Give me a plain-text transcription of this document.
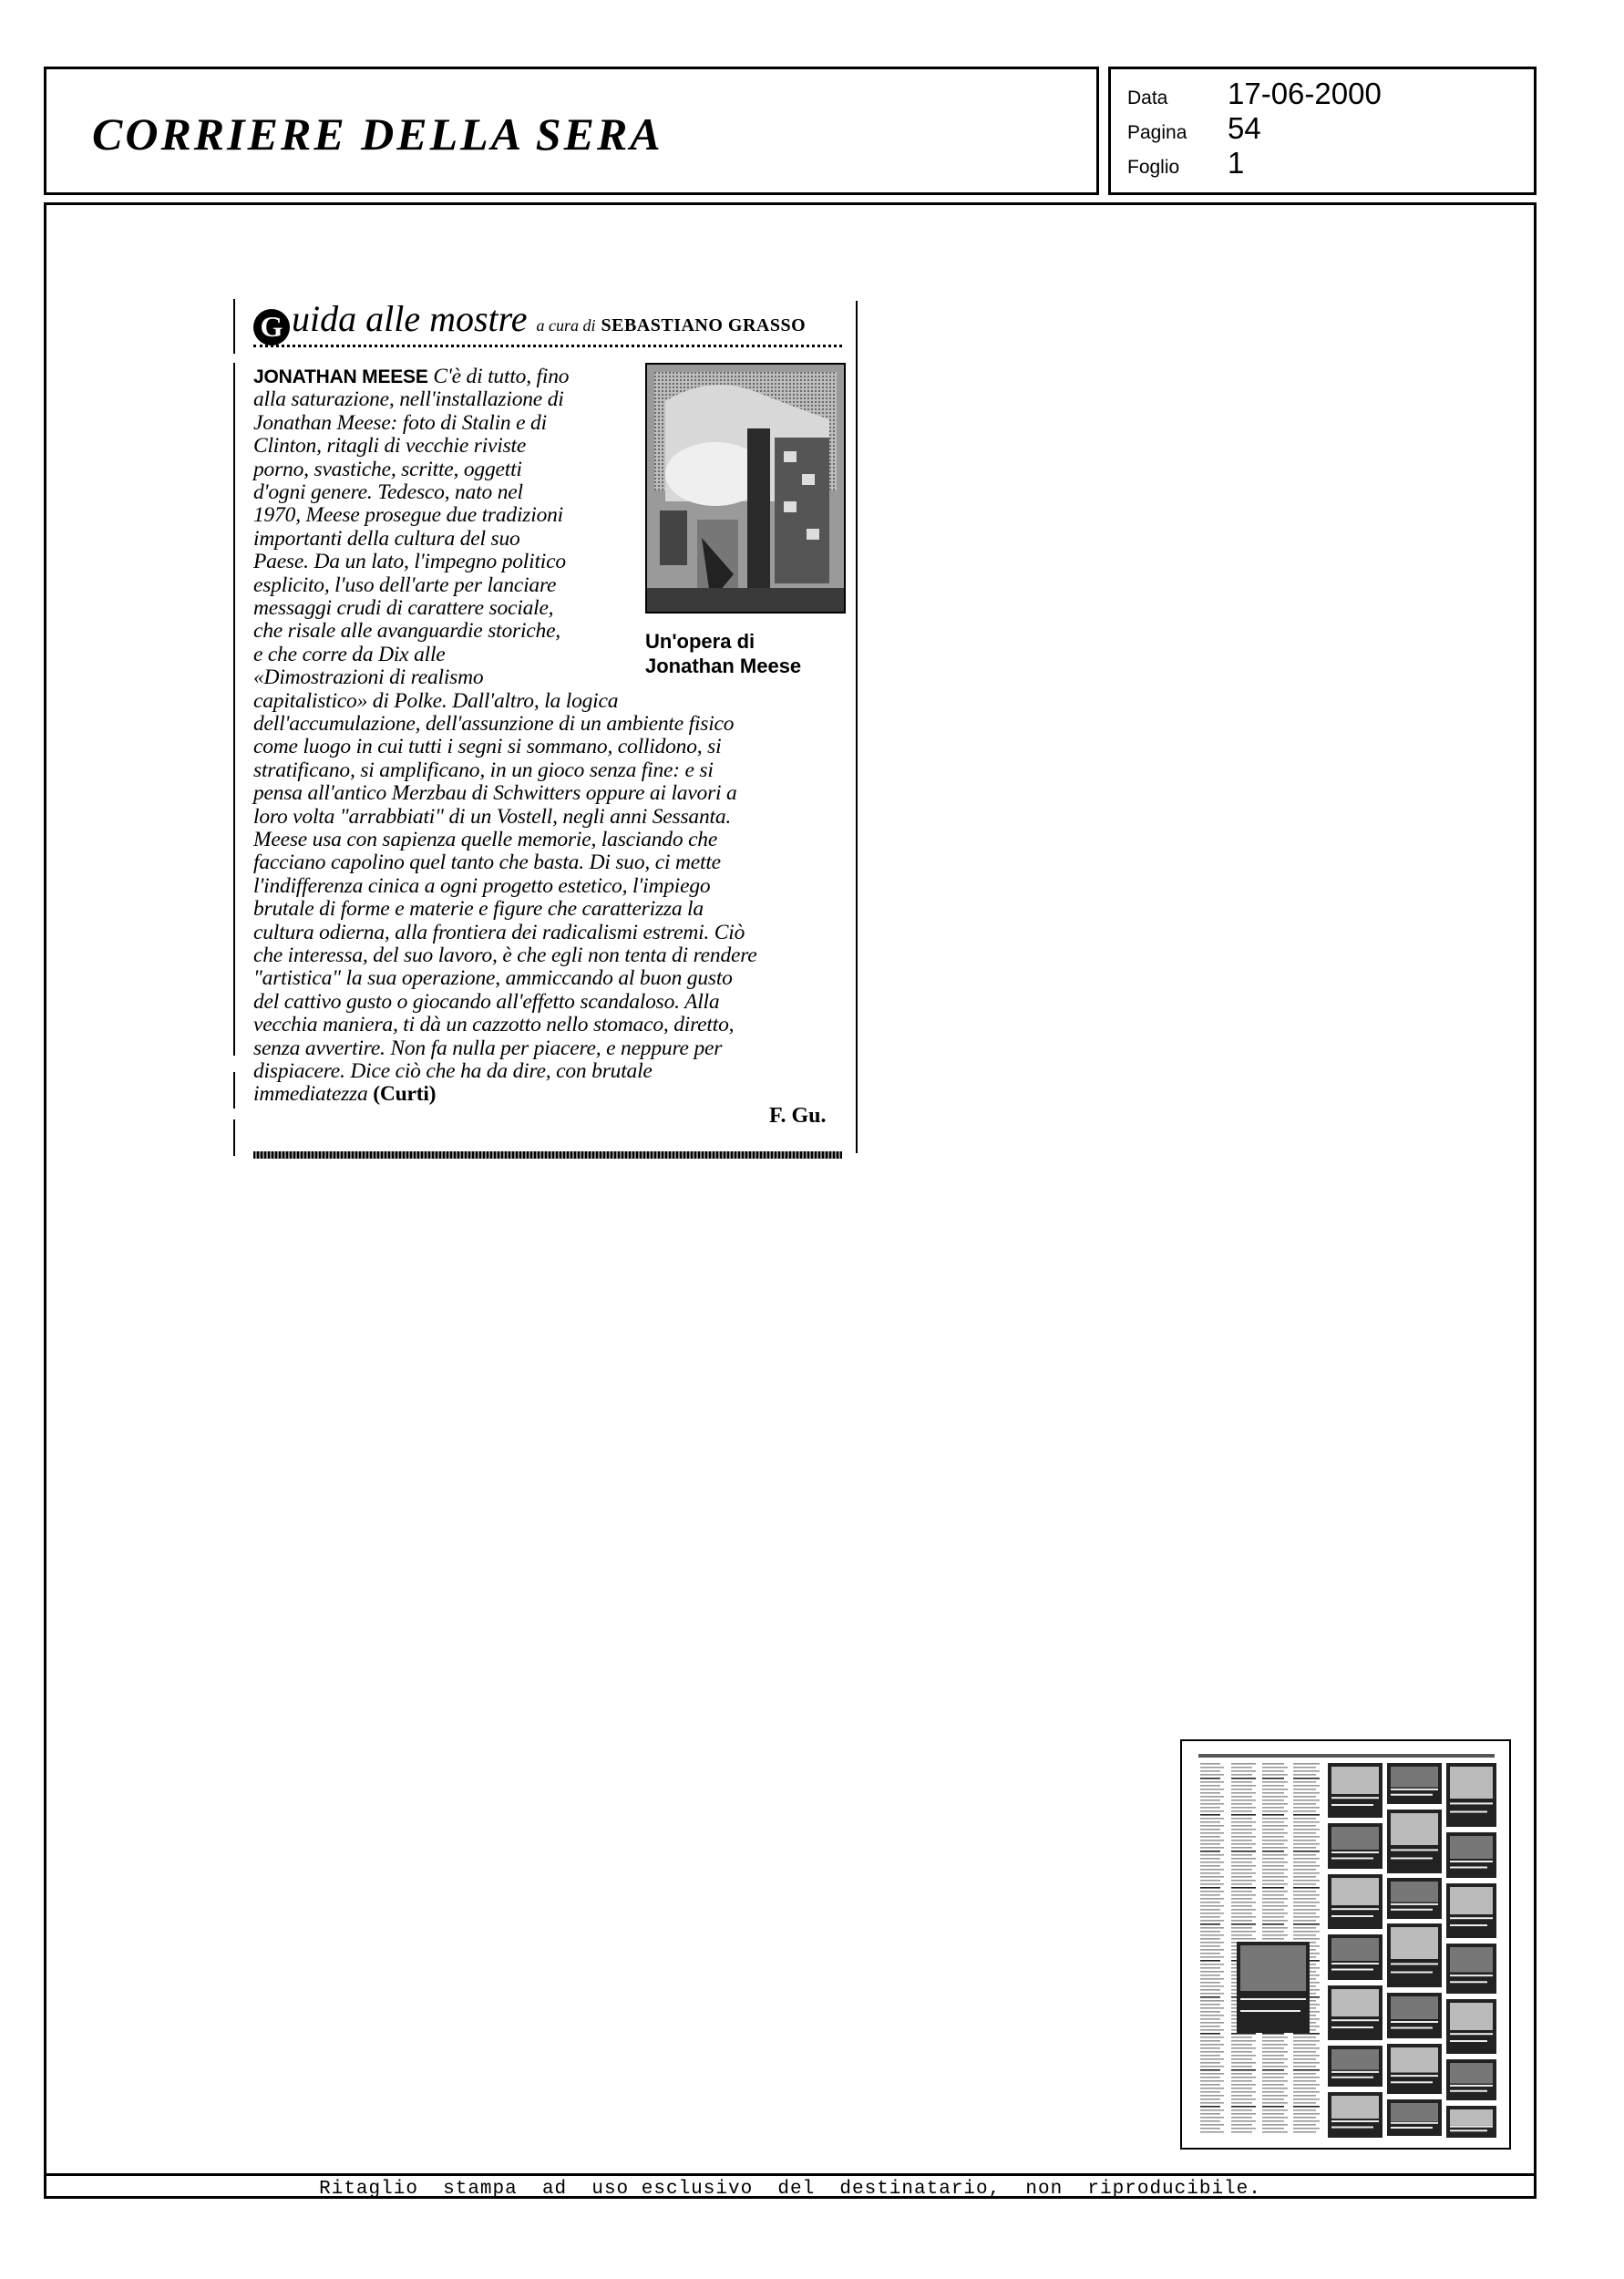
CORRIERE DELLA SERA
Data	17-06-2000
Pagina	54
Foglio	1
Ritaglio  stampa  ad  uso esclusivo  del  destinatario,  non  riproducibile.
G uida alle mostre a cura di SEBASTIANO GRASSO
Un'opera di
Jonathan Meese
JONATHAN MEESE C'è di tutto, fino
alla saturazione, nell'installazione di
Jonathan Meese: foto di Stalin e di
Clinton, ritagli di vecchie riviste
porno, svastiche, scritte, oggetti
d'ogni genere. Tedesco, nato nel
1970, Meese prosegue due tradizioni
importanti della cultura del suo
Paese. Da un lato, l'impegno politico
esplicito, l'uso dell'arte per lanciare
messaggi crudi di carattere sociale,
che risale alle avanguardie storiche,
e che corre da Dix alle
«Dimostrazioni di realismo
capitalistico» di Polke. Dall'altro, la logica
dell'accumulazione, dell'assunzione di un ambiente fisico
come luogo in cui tutti i segni si sommano, collidono, si
stratificano, si amplificano, in un gioco senza fine: e si
pensa all'antico Merzbau di Schwitters oppure ai lavori a
loro volta "arrabbiati" di un Vostell, negli anni Sessanta.
Meese usa con sapienza quelle memorie, lasciando che
facciano capolino quel tanto che basta. Di suo, ci mette
l'indifferenza cinica a ogni progetto estetico, l'impiego
brutale di forme e materie e figure che caratterizza la
cultura odierna, alla frontiera dei radicalismi estremi. Ciò
che interessa, del suo lavoro, è che egli non tenta di rendere
"artistica" la sua operazione, ammiccando al buon gusto
del cattivo gusto o giocando all'effetto scandaloso. Alla
vecchia maniera, ti dà un cazzotto nello stomaco, diretto,
senza avvertire. Non fa nulla per piacere, e neppure per
dispiacere. Dice ciò che ha da dire, con brutale
immediatezza (Curti)
F. Gu.
